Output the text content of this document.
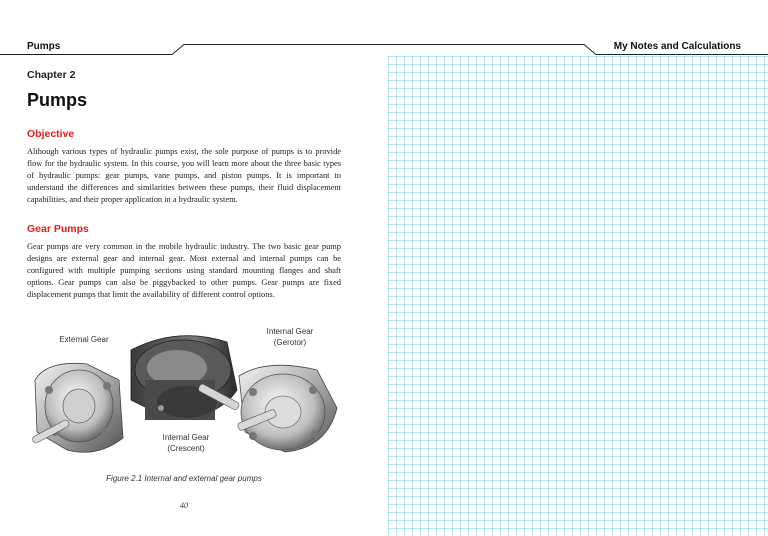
Pumps	My Notes and Calculations
Chapter 2
Pumps
Objective

Although various types of hydraulic pumps exist, the sole purpose of pumps is to provide flow for the hydraulic system. In this course, you will learn more about the three basic types of hydraulic pumps: gear pumps, vane pumps, and piston pumps. It is important to understand the differences and similarities between these pumps, their fluid displacement capabilities, and their proper application in a hydraulic system.

Gear Pumps

Gear pumps are very common in the mobile hydraulic industry. The two basic gear pump designs are external gear and internal gear. Most external and internal pumps can be configured with multiple pumping sections using standard mounting flanges and shaft options. Gear pumps can also be piggybacked to other pumps. Gear pumps are fixed displacement pumps that limit the availability of different control options.

External Gear
Internal Gear
(Gerotor)
Internal Gear
(Crescent)
Figure 2.1 Internal and external gear pumps
40
